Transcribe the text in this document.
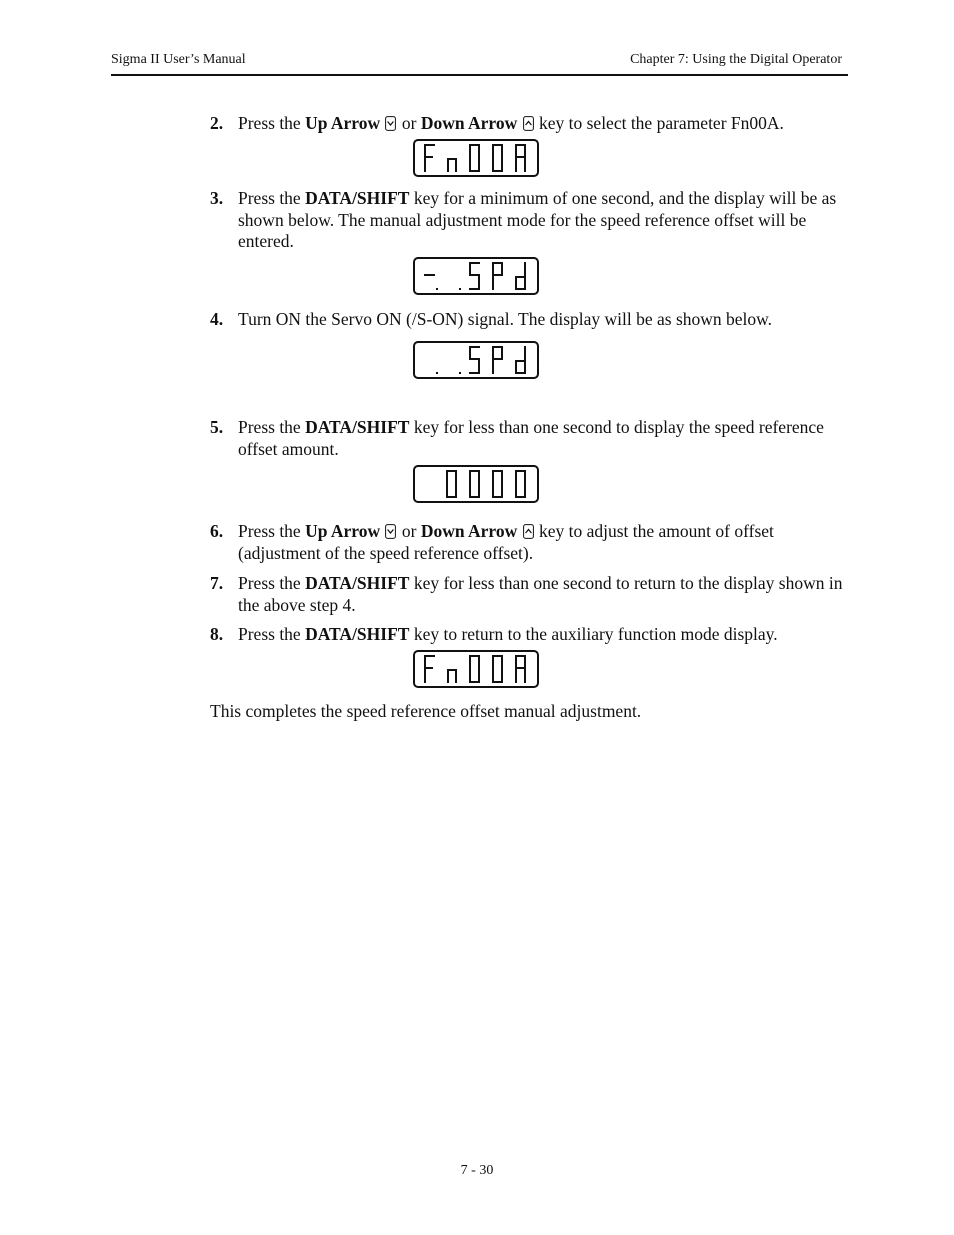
Sigma II User’s Manual	Chapter 7: Using the Digital Operator
2. Press the Up Arrow
or Down Arrow
key to select the parameter Fn00A.
3. Press the DATA/SHIFT key for a minimum of one second, and the display will be as shown below. The manual adjustment mode for the speed reference offset will be entered.
4. Turn ON the Servo ON (/S-ON) signal. The display will be as shown below.
5. Press the DATA/SHIFT key for less than one second to display the speed reference offset amount.
6. Press the Up Arrow
or Down Arrow
key to adjust the amount of offset (adjustment of the speed reference offset).
7. Press the DATA/SHIFT key for less than one second to return to the display shown in the above step 4.
8. Press the DATA/SHIFT key to return to the auxiliary function mode display.
This completes the speed reference offset manual adjustment.
7 - 30
